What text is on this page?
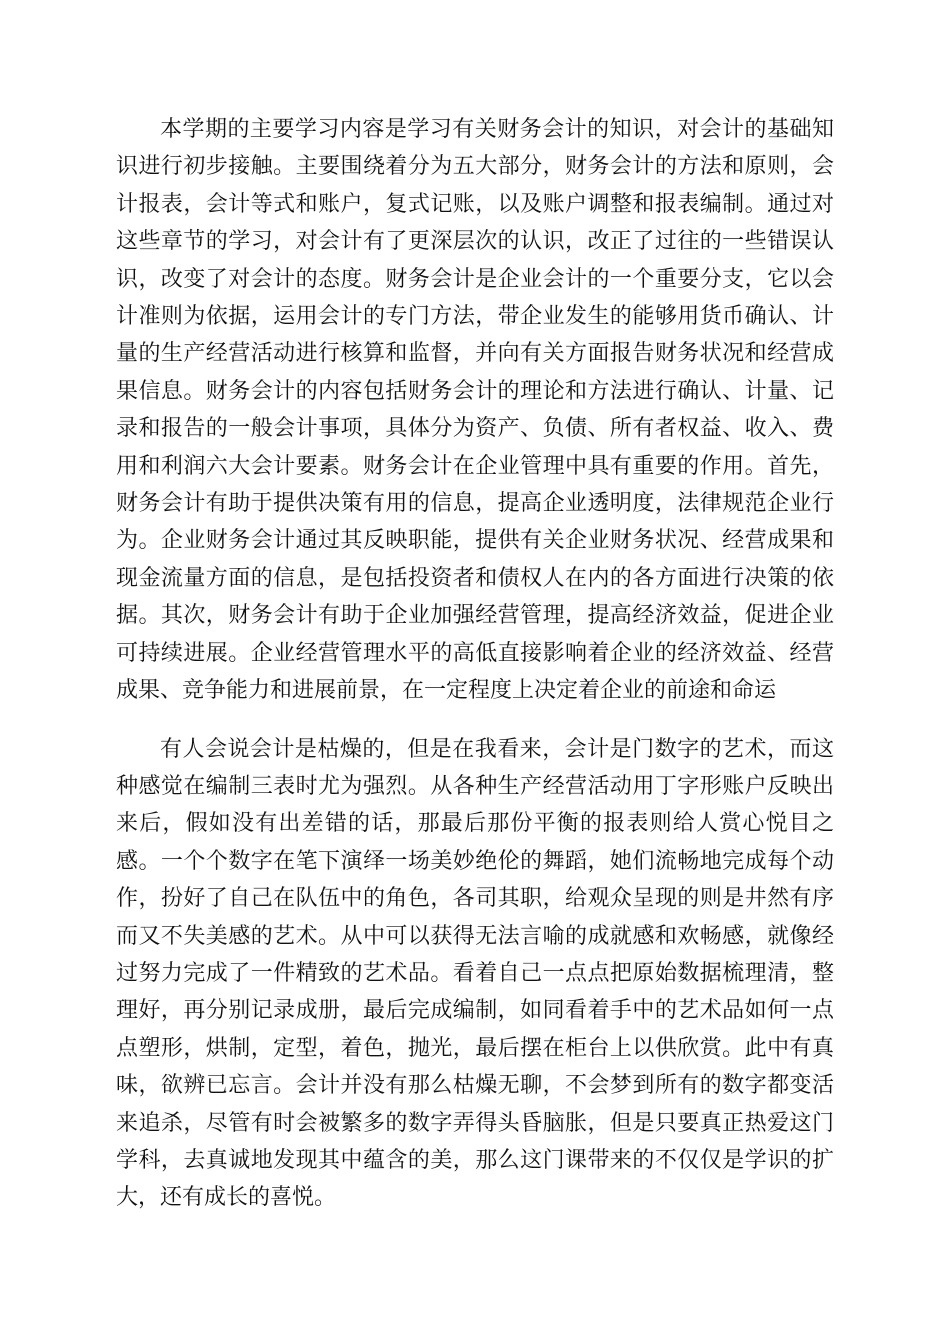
本学期的主要学习内容是学习有关财务会计的知识，对会计的基础知识进行初步接触。主要围绕着分为五大部分，财务会计的方法和原则，会计报表，会计等式和账户，复式记账，以及账户调整和报表编制。通过对这些章节的学习，对会计有了更深层次的认识，改正了过往的一些错误认识，改变了对会计的态度。财务会计是企业会计的一个重要分支，它以会计准则为依据，运用会计的专门方法，带企业发生的能够用货币确认、计量的生产经营活动进行核算和监督，并向有关方面报告财务状况和经营成果信息。财务会计的内容包括财务会计的理论和方法进行确认、计量、记录和报告的一般会计事项，具体分为资产、负债、所有者权益、收入、费用和利润六大会计要素。财务会计在企业管理中具有重要的作用。首先，财务会计有助于提供决策有用的信息，提高企业透明度，法律规范企业行为。企业财务会计通过其反映职能，提供有关企业财务状况、经营成果和现金流量方面的信息，是包括投资者和债权人在内的各方面进行决策的依据。其次，财务会计有助于企业加强经营管理，提高经济效益，促进企业可持续进展。企业经营管理水平的高低直接影响着企业的经济效益、经营成果、竞争能力和进展前景，在一定程度上决定着企业的前途和命运

有人会说会计是枯燥的，但是在我看来，会计是门数字的艺术，而这种感觉在编制三表时尤为强烈。从各种生产经营活动用丁字形账户反映出来后，假如没有出差错的话，那最后那份平衡的报表则给人赏心悦目之感。一个个数字在笔下演绎一场美妙绝伦的舞蹈，她们流畅地完成每个动作，扮好了自己在队伍中的角色，各司其职，给观众呈现的则是井然有序而又不失美感的艺术。从中可以获得无法言喻的成就感和欢畅感，就像经过努力完成了一件精致的艺术品。看着自己一点点把原始数据梳理清，整理好，再分别记录成册，最后完成编制，如同看着手中的艺术品如何一点点塑形，烘制，定型，着色，抛光，最后摆在柜台上以供欣赏。此中有真味，欲辨已忘言。会计并没有那么枯燥无聊，不会梦到所有的数字都变活来追杀，尽管有时会被繁多的数字弄得头昏脑胀，但是只要真正热爱这门学科，去真诚地发现其中蕴含的美，那么这门课带来的不仅仅是学识的扩大，还有成长的喜悦。
